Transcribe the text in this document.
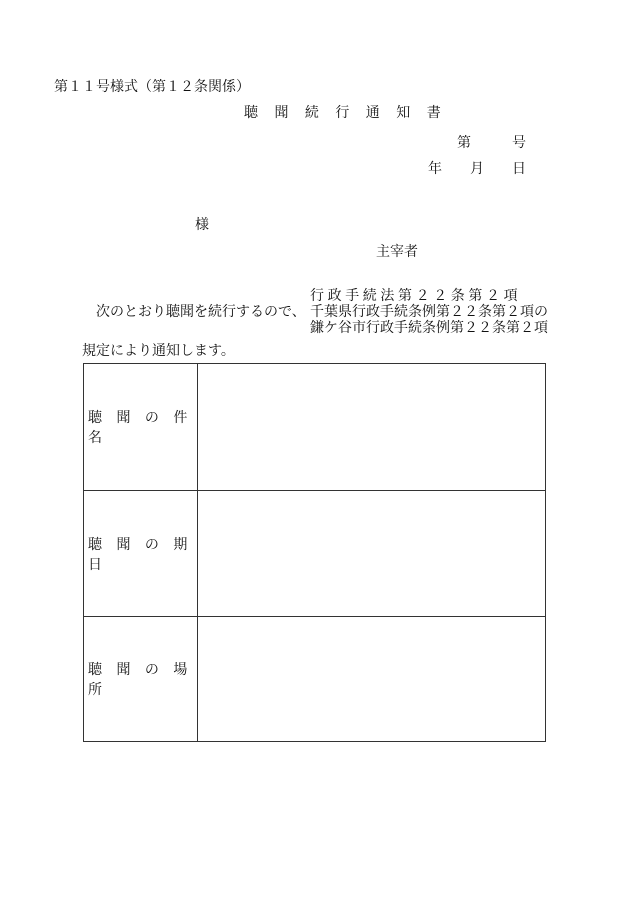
第１１号様式（第１２条関係）
聴 聞 続 行 通 知 書
第	号
年 月 日
様
主宰者
次のとおり聴聞を続行するので、
行政手続法第２２条第２項
千葉県行政手続条例第２２条第２項の
鎌ケ谷市行政手続条例第２２条第２項
規定により通知します。
聴 聞 の 件 名
聴 聞 の 期 日
聴 聞 の 場 所
